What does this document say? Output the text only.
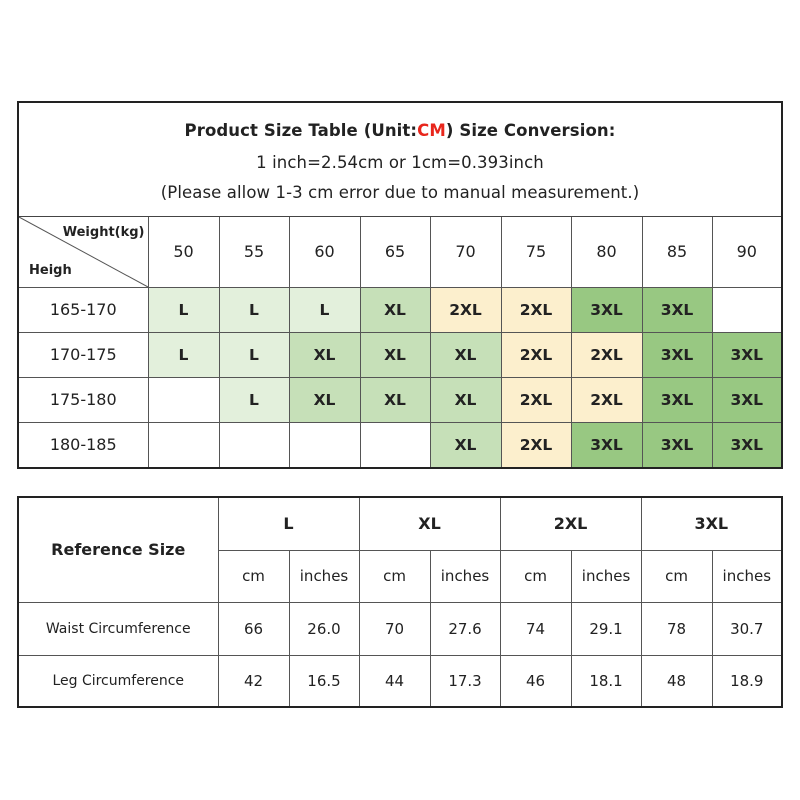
Product Size Table (Unit:CM) Size Conversion:
1 inch=2.54cm or 1cm=0.393inch
(Please allow 1-3 cm error due to manual measurement.)
Weight(kg)
Heigh	50	55	60	65	70	75	80	85	90
165-170	L	L	L	XL	2XL	2XL	3XL	3XL	
170-175	L	L	XL	XL	XL	2XL	2XL	3XL	3XL
175-180		L	XL	XL	XL	2XL	2XL	3XL	3XL
180-185					XL	2XL	3XL	3XL	3XL
Reference Size	L		XL		2XL		3XL	
	cm	inches	cm	inches	cm	inches	cm	inches
Waist Circumference	66	26.0	70	27.6	74	29.1	78	30.7
Leg Circumference	42	16.5	44	17.3	46	18.1	48	18.9
